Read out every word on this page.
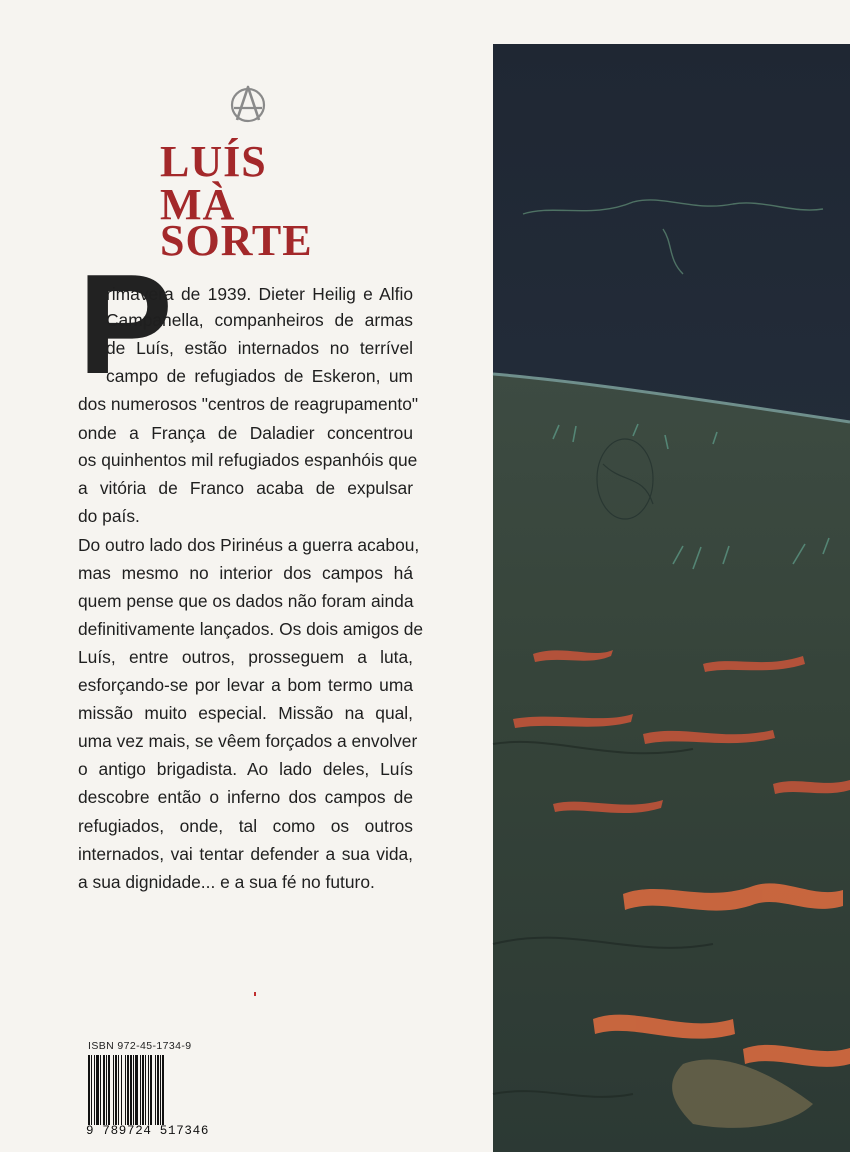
LUÍS
MÀ
SORTE
P
rimavera de 1939. Dieter Heilig e Alfio
Campanella, companheiros de armas
de Luís, estão internados no terrível
campo de refugiados de Eskeron, um
dos numerosos "centros de reagrupamento"
onde a França de Daladier concentrou
os quinhentos mil refugiados espanhóis que
a vitória de Franco acaba de expulsar
do país.
Do outro lado dos Pirinéus a guerra acabou,
mas mesmo no interior dos campos há
quem pense que os dados não foram ainda
definitivamente lançados. Os dois amigos de
Luís, entre outros, prosseguem a luta,
esforçando-se por levar a bom termo uma
missão muito especial. Missão na qual,
uma vez mais, se vêem forçados a envolver
o antigo brigadista. Ao lado deles, Luís
descobre então o inferno dos campos de
refugiados, onde, tal como os outros
internados, vai tentar defender a sua vida,
a sua dignidade... e a sua fé no futuro.
ISBN 972-45-1734-9
9 789724 517346
